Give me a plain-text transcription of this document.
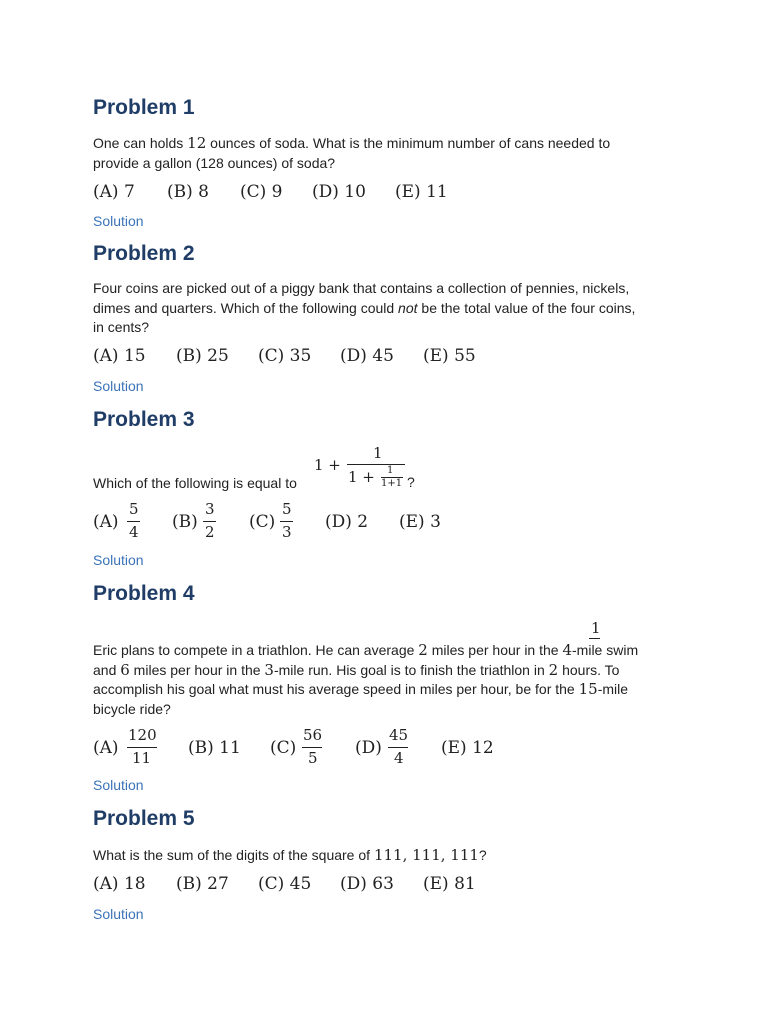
Problem 1
One can holds 12 ounces of soda. What is the minimum number of cans needed to
provide a gallon (128 ounces) of soda?
(A) 7 (B) 8 (C) 9 (D) 10 (E) 11
Solution
Problem 2
Four coins are picked out of a piggy bank that contains a collection of pennies, nickels,
dimes and quarters. Which of the following could not be the total value of the four coins,
in cents?
(A) 15 (B) 25 (C) 35 (D) 45 (E) 55
Solution
Problem 3
Which of the following is equal to
1 +
1
1 + 1
1+1 ?
(A)
5
4 (B)
3
2 (C)
5
3 (D) 2 (E) 3
Solution
Problem 4
1
Eric plans to compete in a triathlon. He can average 2 miles per hour in the 4-mile swim
and 6 miles per hour in the 3-mile run. His goal is to finish the triathlon in 2 hours. To
accomplish his goal what must his average speed in miles per hour, be for the 15-mile
bicycle ride?
(A)
120
11 (B) 11 (C)
56
5 (D)
45
4 (E) 12
Solution
Problem 5
What is the sum of the digits of the square of 111, 111, 111?
(A) 18 (B) 27 (C) 45 (D) 63 (E) 81
Solution
